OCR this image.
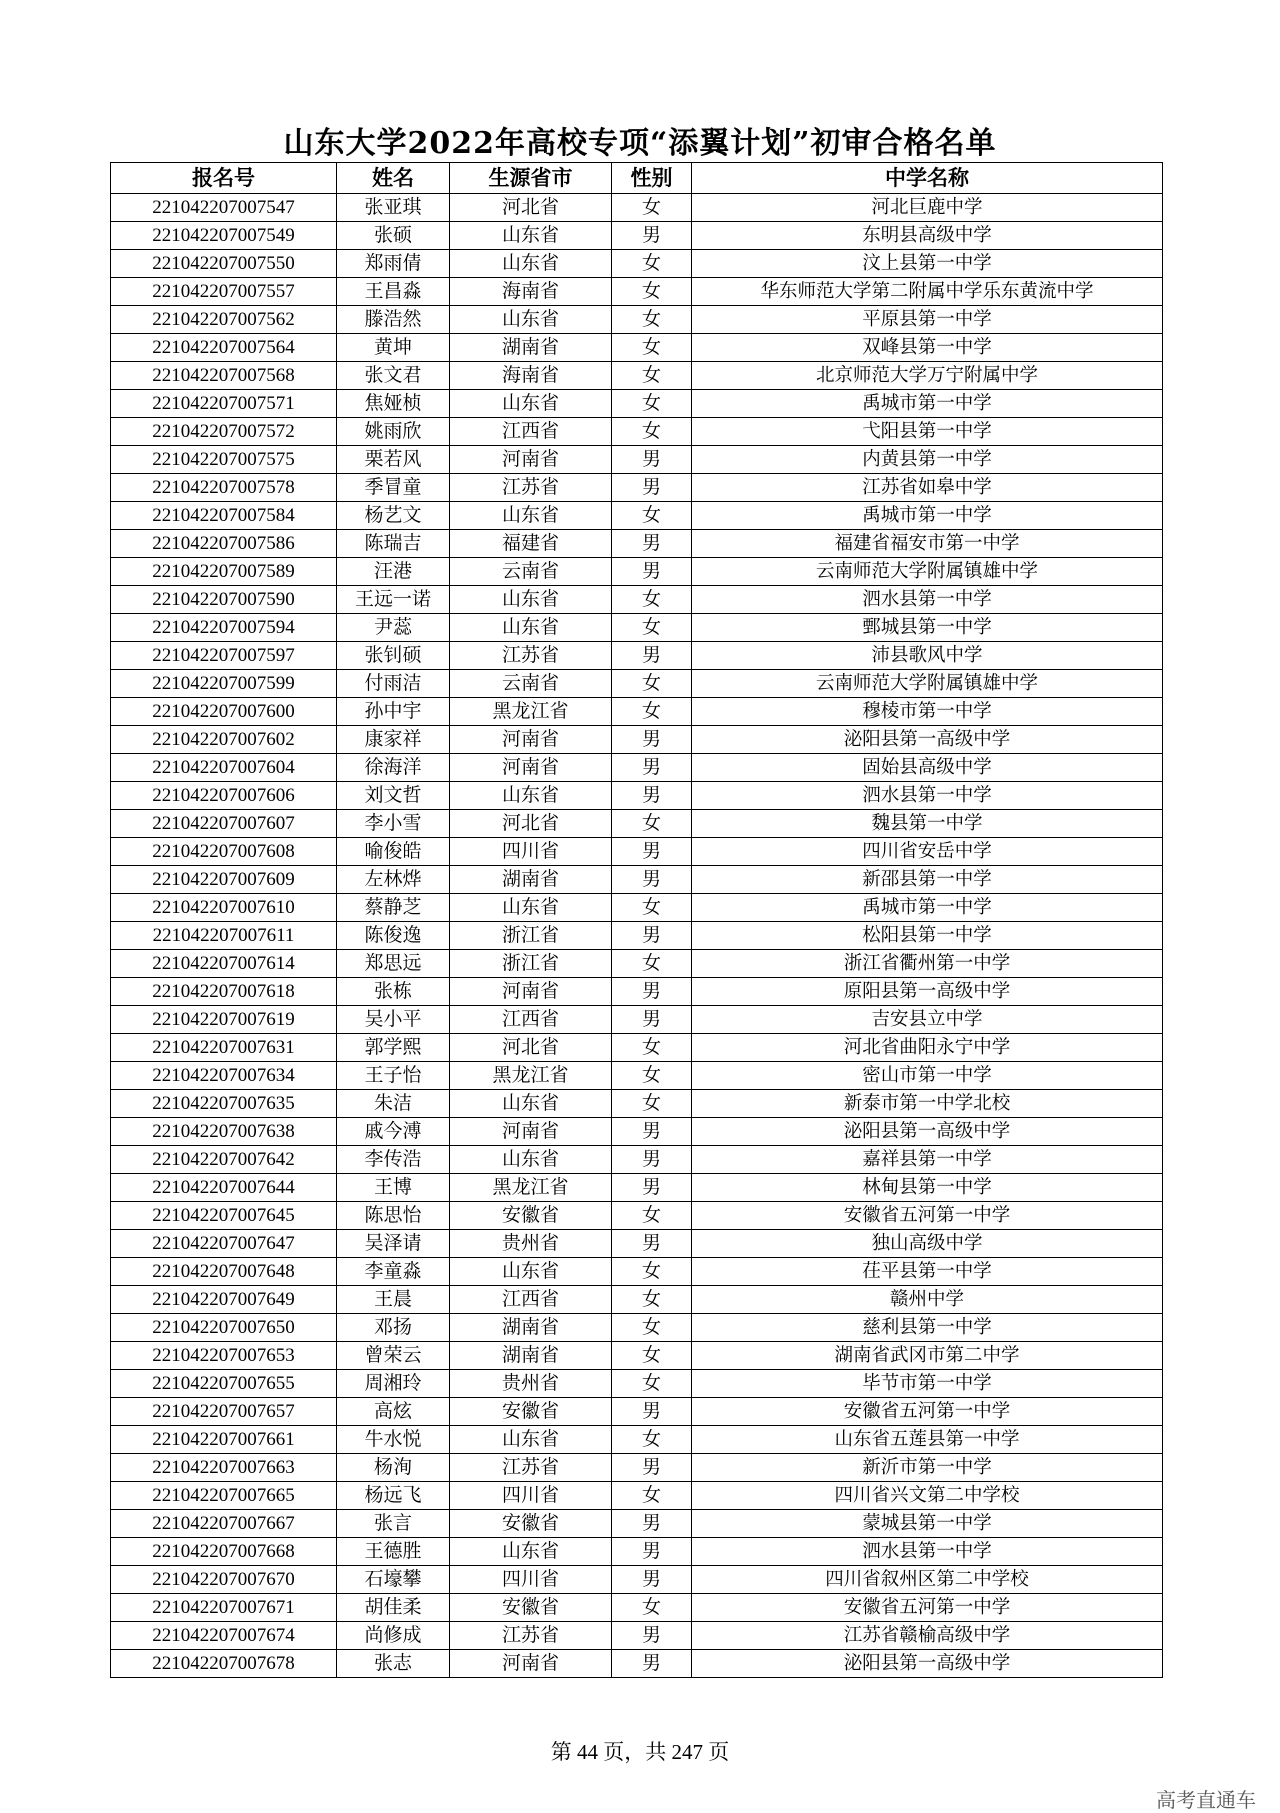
山东大学2022年高校专项“添翼计划”初审合格名单
报名号	姓名	生源省市	性别	中学名称
221042207007547	张亚琪	河北省	女	河北巨鹿中学
221042207007549	张硕	山东省	男	东明县高级中学
221042207007550	郑雨倩	山东省	女	汶上县第一中学
221042207007557	王昌淼	海南省	女	华东师范大学第二附属中学乐东黄流中学
221042207007562	滕浩然	山东省	女	平原县第一中学
221042207007564	黄坤	湖南省	女	双峰县第一中学
221042207007568	张文君	海南省	女	北京师范大学万宁附属中学
221042207007571	焦娅桢	山东省	女	禹城市第一中学
221042207007572	姚雨欣	江西省	女	弋阳县第一中学
221042207007575	栗若风	河南省	男	内黄县第一中学
221042207007578	季冒童	江苏省	男	江苏省如皋中学
221042207007584	杨艺文	山东省	女	禹城市第一中学
221042207007586	陈瑞吉	福建省	男	福建省福安市第一中学
221042207007589	汪港	云南省	男	云南师范大学附属镇雄中学
221042207007590	王远一诺	山东省	女	泗水县第一中学
221042207007594	尹蕊	山东省	女	鄄城县第一中学
221042207007597	张钊硕	江苏省	男	沛县歌风中学
221042207007599	付雨洁	云南省	女	云南师范大学附属镇雄中学
221042207007600	孙中宇	黑龙江省	女	穆棱市第一中学
221042207007602	康家祥	河南省	男	泌阳县第一高级中学
221042207007604	徐海洋	河南省	男	固始县高级中学
221042207007606	刘文哲	山东省	男	泗水县第一中学
221042207007607	李小雪	河北省	女	魏县第一中学
221042207007608	喻俊皓	四川省	男	四川省安岳中学
221042207007609	左林烨	湖南省	男	新邵县第一中学
221042207007610	蔡静芝	山东省	女	禹城市第一中学
221042207007611	陈俊逸	浙江省	男	松阳县第一中学
221042207007614	郑思远	浙江省	女	浙江省衢州第一中学
221042207007618	张栋	河南省	男	原阳县第一高级中学
221042207007619	吴小平	江西省	男	吉安县立中学
221042207007631	郭学熙	河北省	女	河北省曲阳永宁中学
221042207007634	王子怡	黑龙江省	女	密山市第一中学
221042207007635	朱洁	山东省	女	新泰市第一中学北校
221042207007638	戚今溥	河南省	男	泌阳县第一高级中学
221042207007642	李传浩	山东省	男	嘉祥县第一中学
221042207007644	王博	黑龙江省	男	林甸县第一中学
221042207007645	陈思怡	安徽省	女	安徽省五河第一中学
221042207007647	吴泽请	贵州省	男	独山高级中学
221042207007648	李童淼	山东省	女	茌平县第一中学
221042207007649	王晨	江西省	女	赣州中学
221042207007650	邓扬	湖南省	女	慈利县第一中学
221042207007653	曾荣云	湖南省	女	湖南省武冈市第二中学
221042207007655	周湘玲	贵州省	女	毕节市第一中学
221042207007657	高炫	安徽省	男	安徽省五河第一中学
221042207007661	牛水悦	山东省	女	山东省五莲县第一中学
221042207007663	杨洵	江苏省	男	新沂市第一中学
221042207007665	杨远飞	四川省	女	四川省兴文第二中学校
221042207007667	张言	安徽省	男	蒙城县第一中学
221042207007668	王德胜	山东省	男	泗水县第一中学
221042207007670	石壕攀	四川省	男	四川省叙州区第二中学校
221042207007671	胡佳柔	安徽省	女	安徽省五河第一中学
221042207007674	尚修成	江苏省	男	江苏省赣榆高级中学
221042207007678	张志	河南省	男	泌阳县第一高级中学
第 44 页，共 247 页
高考直通车
